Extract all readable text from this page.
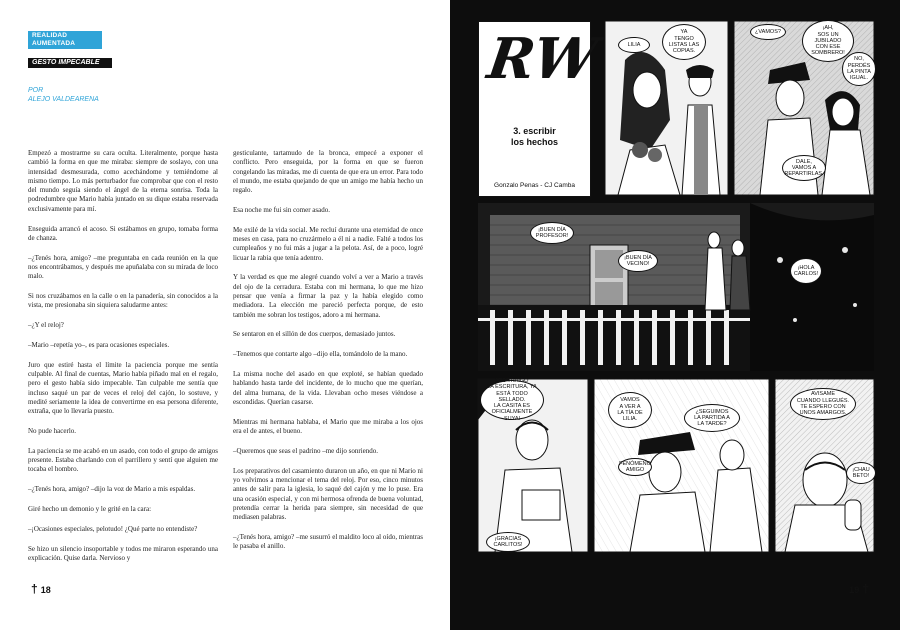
REALIDAD
AUMENTADA
GESTO IMPECABLE
POR
ALEJO VALDEARENA

Empezó a mostrarme su cara oculta. Literalmente, porque hasta cambió la forma en que me miraba: siempre de soslayo, con una intensidad desmesurada, como acechándome y temiéndome al mismo tiempo. Lo más perturbador fue comprobar que con el resto del mundo seguía siendo el ángel de la eterna sonrisa. Toda la podredumbre que Mario había juntado en su dique estaba reservada exclusivamente para mí.

Enseguida arrancó el acoso. Si estábamos en grupo, tomaba forma de chanza.

–¿Tenés hora, amigo? –me preguntaba en cada reunión en la que nos encontrábamos, y después me apuñalaba con su mirada de loco malo.

Si nos cruzábamos en la calle o en la panadería, sin conocidos a la vista, me presionaba sin siquiera saludarme antes:

–¿Y el reloj?

–Mario –repetía yo–, es para ocasiones especiales.

Juro que estiré hasta el límite la paciencia porque me sentía culpable. Al final de cuentas, Mario había piñado mal en el regalo, pero el gesto había sido impecable. Tan culpable me sentía que incluso saqué un par de veces el reloj del cajón, lo sostuve, y medité seriamente la idea de convertirme en esa persona diferente, extraña, que lo llevaría puesto.

No pude hacerlo.

La paciencia se me acabó en un asado, con todo el grupo de amigos presente. Estaba charlando con el parrillero y sentí que alguien me tocaba el hombro.

–¿Tenés hora, amigo? –dijo la voz de Mario a mis espaldas.

Giré hecho un demonio y le grité en la cara:

–¡Ocasiones especiales, pelotudo! ¿Qué parte no entendiste?

Se hizo un silencio insoportable y todos me miraron esperando una explicación. Quise darla. Nervioso y

gesticulante, tartamudo de la bronca, empecé a exponer el conflicto. Pero enseguida, por la forma en que se fueron congelando las miradas, me di cuenta de que era un error. Para todo el mundo, me estaba quejando de que un amigo me había hecho un regalo.

Esa noche me fui sin comer asado.

Me exilé de la vida social. Me recluí durante una eternidad de once meses en casa, para no cruzármelo a él ni a nadie. Falté a todos los cumpleaños y no fui más a jugar a la pelota. Así, de a poco, logré licuar la rabia que tenía adentro.

Y la verdad es que me alegré cuando volví a ver a Mario a través del ojo de la cerradura. Estaba con mi hermana, lo que me hizo pensar que venía a firmar la paz y la había elegido como mediadora. La elección me pareció perfecta porque, de esto también me sobran los testigos, adoro a mi hermana.

Se sentaron en el sillón de dos cuerpos, demasiado juntos.

–Tenemos que contarte algo –dijo ella, tomándolo de la mano.

La misma noche del asado en que exploté, se habían quedado hablando hasta tarde del incidente, de lo mucho que me querían, del alma humana, de la vida. Llevaban ocho meses viéndose a escondidas. Querían casarse.

Mientras mi hermana hablaba, el Mario que me miraba a los ojos era el de antes, el bueno.

–Queremos que seas el padrino –me dijo sonriendo.

Los preparativos del casamiento duraron un año, en que ni Mario ni yo volvimos a mencionar el tema del reloj. Por eso, cinco minutos antes de salir para la iglesia, lo saqué del cajón y me lo puse. Era una ocasión especial, y con mi hermosa ofrenda de buena voluntad, pretendía cerrar la herida para siempre, sin necesidad de que mediasen palabras.

–¿Tenés hora, amigo? –me susurró el maldito loco al oído, mientras le pasaba el anillo.

† 18
RW
3. escribir
los hechos
Gonzalo Penas - CJ Camba
LILIA
YA
TENGO
LISTAS LAS
COPIAS.
¿VAMOS?
¡AH,
SOS UN
JUBILADO
CON ESE
SOMBRERO!
NO,
PERDÉS
LA PINTA
IGUAL.
DALE,
VAMOS A
REPARTIRLAS.
¡BUEN DÍA
PROFESOR!
¡BUEN DÍA
VECINO!
¡HOLA
CARLOS!
LES TRAIGO
LA ESCRITURA, YA
ESTÁ TODO SELLADO.
LA CASITA ES
OFICIALMENTE
SUYA!
¡GRACIAS
CARLITOS!
VAMOS
A VER A
LA TÍA DE
LILIA.
¿SEGUIMOS
LA PARTIDA A
LA TARDE?
FENÓMENO
AMIGO
AVISAME
CUANDO LLEGUÉS.
TE ESPERO CON
UNOS AMARGOS.
¡CHAU
BETO!
19 †
